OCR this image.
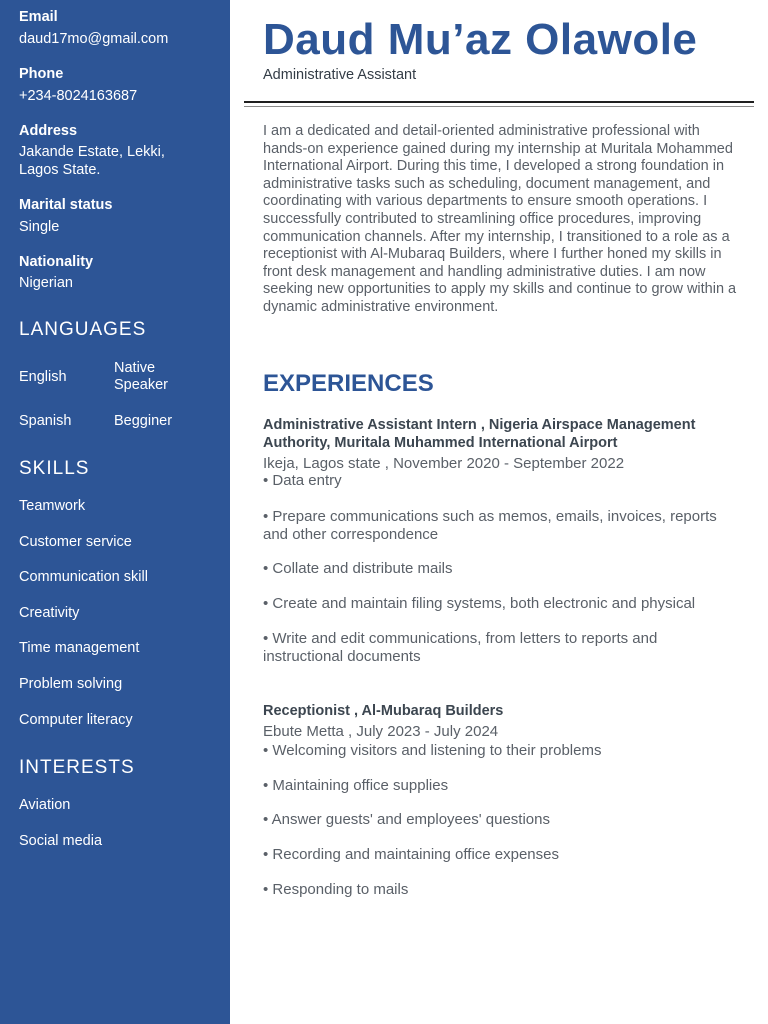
Email
daud17mo@gmail.com
Phone
+234-8024163687
Address
Jakande Estate, Lekki,
Lagos State.
Marital status
Single
Nationality
Nigerian
LANGUAGES
English
Native
Speaker
Spanish	Begginer
SKILLS
Teamwork
Customer service
Communication skill
Creativity
Time management
Problem solving
Computer literacy
INTERESTS
Aviation
Social media
Daud Mu’az Olawole
Administrative Assistant
I am a dedicated and detail-oriented administrative professional with hands-on experience gained during my internship at Muritala Mohammed International Airport. During this time, I developed a strong foundation in administrative tasks such as scheduling, document management, and coordinating with various departments to ensure smooth operations. I successfully contributed to streamlining office procedures, improving communication channels. After my internship, I transitioned to a role as a receptionist with Al-Mubaraq Builders, where I further honed my skills in front desk management and handling administrative duties. I am now seeking new opportunities to apply my skills and continue to grow within a dynamic administrative environment.
EXPERIENCES
Administrative Assistant Intern , Nigeria Airspace Management Authority, Muritala Muhammed International Airport
Ikeja, Lagos state , November 2020 - September 2022
• Data entry
• Prepare communications such as memos, emails, invoices, reports and other correspondence
• Collate and distribute mails
• Create and maintain filing systems, both electronic and physical
• Write and edit communications, from letters to reports and instructional documents
Receptionist , Al-Mubaraq Builders
Ebute Metta , July 2023 - July 2024
• Welcoming visitors and listening to their problems
• Maintaining office supplies
• Answer guests' and employees' questions
• Recording and maintaining office expenses
• Responding to mails
